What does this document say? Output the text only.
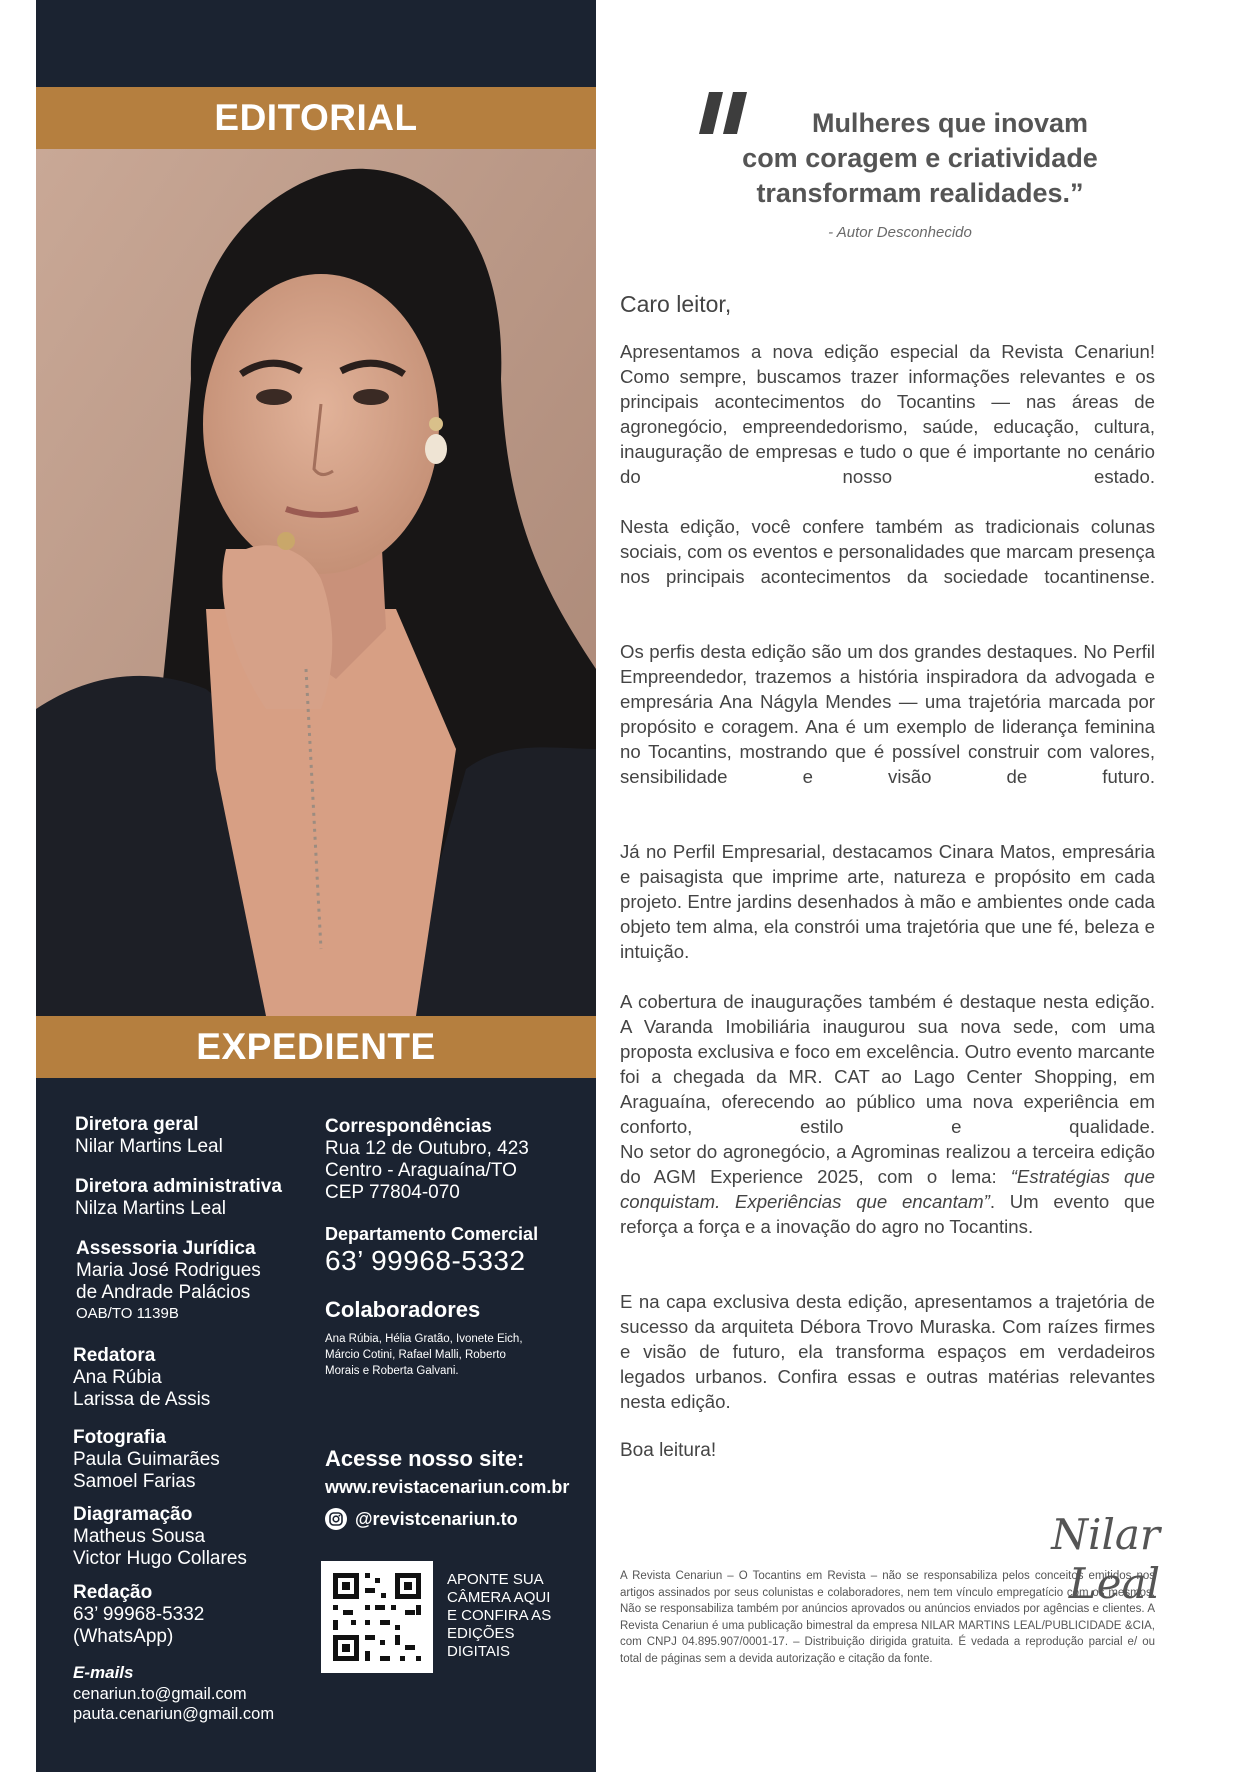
EDITORIAL
EXPEDIENTE
Diretora geral
Nilar Martins Leal
Diretora administrativa
Nilza Martins Leal
Assessoria Jurídica
Maria José Rodrigues
de Andrade Palácios
OAB/TO 1139B
Redatora
Ana Rúbia
Larissa de Assis
Fotografia
Paula Guimarães
Samoel Farias
Diagramação
Matheus Sousa
Victor Hugo Collares
Redação
63’ 99968-5332
(WhatsApp)
E-mails
cenariun.to@gmail.com
pauta.cenariun@gmail.com
Correspondências
Rua 12 de Outubro, 423
Centro - Araguaína/TO
CEP 77804-070
Departamento Comercial
63’ 99968-5332
Colaboradores
Ana Rúbia, Hélia Gratão, Ivonete Eich,
Márcio Cotini, Rafael Malli, Roberto
Morais e Roberta Galvani.
Acesse nosso site:
www.revistacenariun.com.br
@revistcenariun.to
APONTE SUA
CÂMERA AQUI
E CONFIRA AS
EDIÇÕES
DIGITAIS
Mulheres que inovam
com coragem e criatividade
transformam realidades.”
- Autor Desconhecido
Caro leitor,
Apresentamos a nova edição especial da Revista Cenariun! Como sempre, buscamos trazer informações relevantes e os principais acontecimentos do Tocantins — nas áreas de agronegócio, empreendedorismo, saúde, educação, cultura, inauguração de empresas e tudo o que é importante no cenário do nosso estado.
Nesta edição, você confere também as tradicionais colunas sociais, com os eventos e personalidades que marcam presença nos principais acontecimentos da sociedade tocantinense.
Os perfis desta edição são um dos grandes destaques. No Perfil Empreendedor, trazemos a história inspiradora da advogada e empresária Ana Nágyla Mendes — uma trajetória marcada por propósito e coragem. Ana é um exemplo de liderança feminina no Tocantins, mostrando que é possível construir com valores, sensibilidade e visão de futuro.
Já no Perfil Empresarial, destacamos Cinara Matos, empresária e paisagista que imprime arte, natureza e propósito em cada projeto. Entre jardins desenhados à mão e ambientes onde cada objeto tem alma, ela constrói uma trajetória que une fé, beleza e intuição.
A cobertura de inaugurações também é destaque nesta edição. A Varanda Imobiliária inaugurou sua nova sede, com uma proposta exclusiva e foco em excelência. Outro evento marcante foi a chegada da MR. CAT ao Lago Center Shopping, em Araguaína, oferecendo ao público uma nova experiência em conforto, estilo e qualidade.
No setor do agronegócio, a Agrominas realizou a terceira edição do AGM Experience 2025, com o lema: “Estratégias que conquistam. Experiências que encantam”. Um evento que reforça a força e a inovação do agro no Tocantins.
E na capa exclusiva desta edição, apresentamos a trajetória de sucesso da arquiteta Débora Trovo Muraska. Com raízes firmes e visão de futuro, ela transforma espaços em verdadeiros legados urbanos. Confira essas e outras matérias relevantes nesta edição.
Boa leitura!
Nilar Leal
A Revista Cenariun – O Tocantins em Revista – não se responsabiliza pelos conceitos emitidos nos artigos assinados por seus colunistas e colaboradores, nem tem vínculo empregatício com os mesmos. Não se responsabiliza também por anúncios aprovados ou anúncios enviados por agências e clientes. A Revista Cenariun é uma publicação bimestral da empresa NILAR MARTINS LEAL/PUBLICIDADE &CIA, com CNPJ 04.895.907/0001-17. – Distribuição dirigida gratuita. É vedada a reprodução parcial e/ ou total de páginas sem a devida autorização e citação da fonte.
